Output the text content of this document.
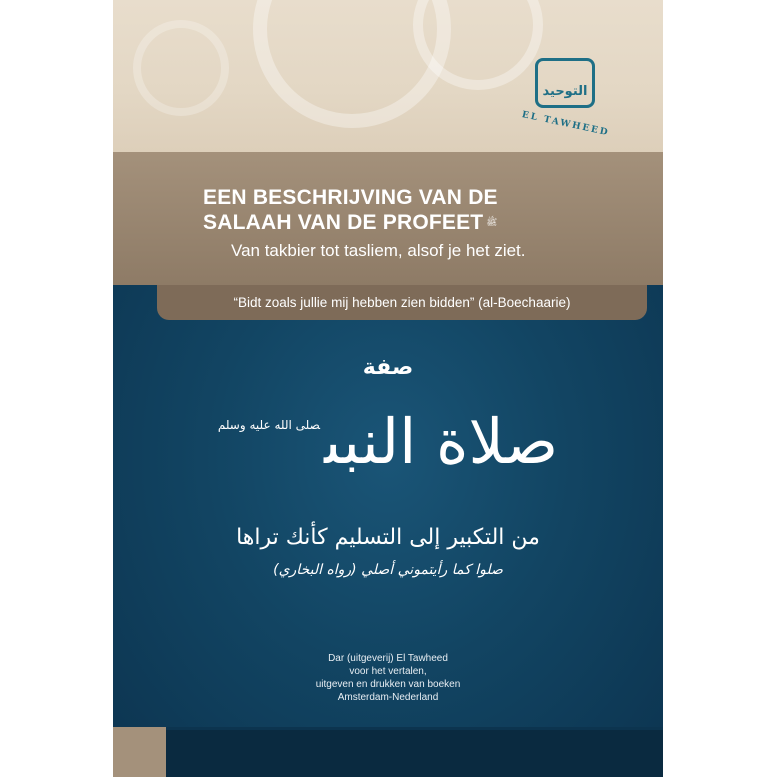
التوحيد
EL TAWHEED
EEN BESCHRIJVING VAN DE
SALAAH VAN DE PROFEET ﷺ
Van takbier tot tasliem, alsof je het ziet.
“Bidt zoals jullie mij hebben zien bidden” (al-Boechaarie)
صفة
صلاة النبى$^{صلى الله عليه وسلم}$
من التكبير إلى التسليم كأنك تراها
صلوا كما رأيتموني أصلي (رواه البخاري)
Dar (uitgeverij) El Tawheed
voor het vertalen,
uitgeven en drukken van boeken
Amsterdam-Nederland
